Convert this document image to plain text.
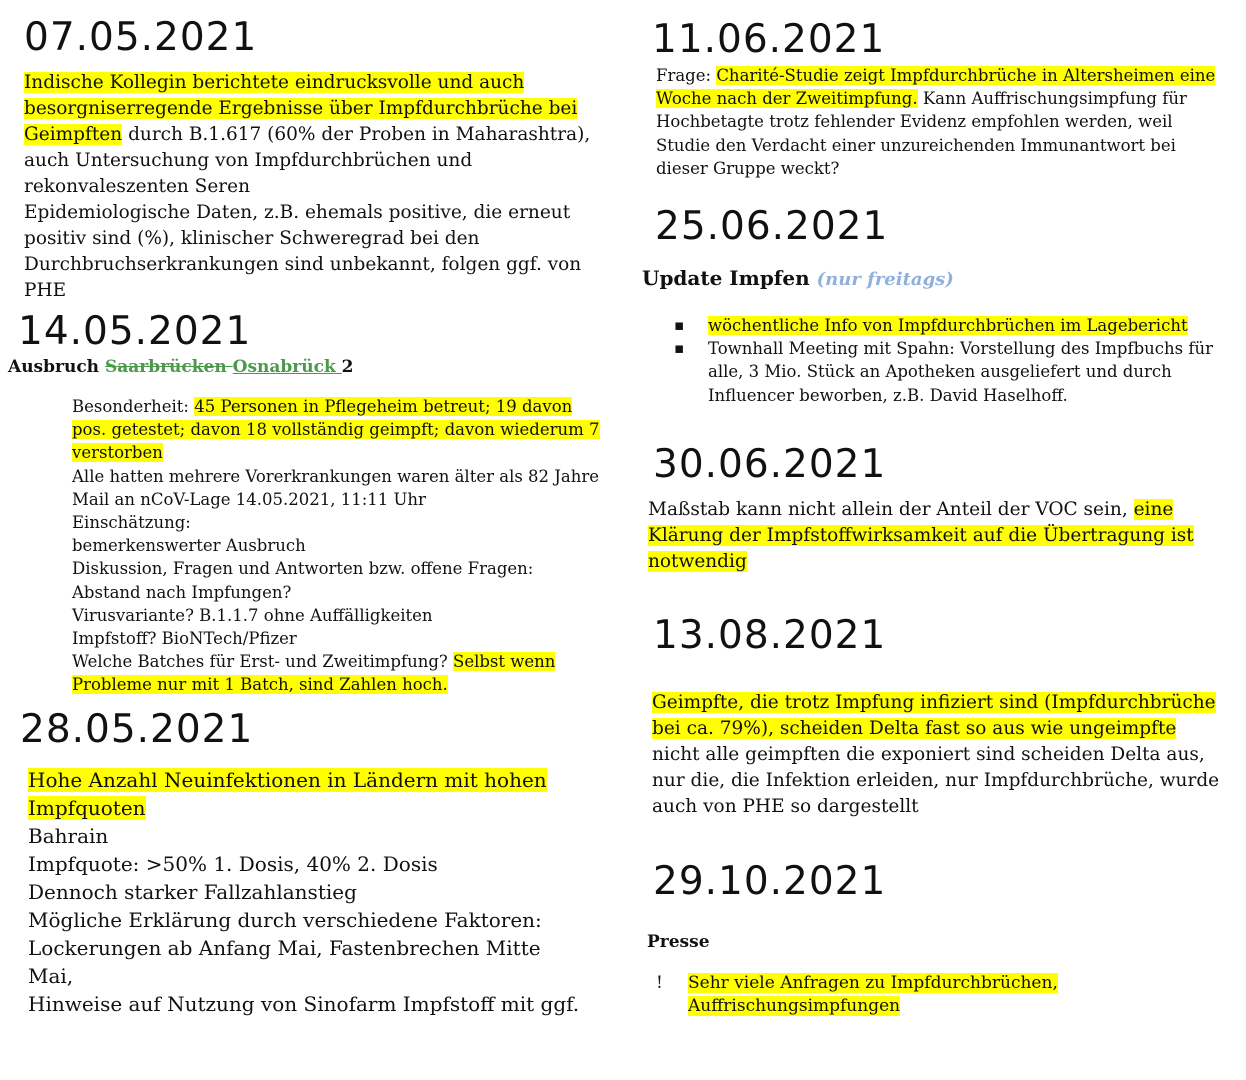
07.05.2021
Indische Kollegin berichtete eindrucksvolle und auch besorgniserregende Ergebnisse über Impfdurchbrüche bei Geimpften durch B.1.617 (60% der Proben in Maharashtra), auch Untersuchung von Impfdurchbrüchen und rekonvaleszenten Seren
Epidemiologische Daten, z.B. ehemals positive, die erneut positiv sind (%), klinischer Schweregrad bei den Durchbruchserkrankungen sind unbekannt, folgen ggf. von PHE
14.05.2021
Ausbruch Saarbrücken Osnabrück 2
Besonderheit: 45 Personen in Pflegeheim betreut; 19 davon pos. getestet; davon 18 vollständig geimpft; davon wiederum 7 verstorben
Alle hatten mehrere Vorerkrankungen waren älter als 82 Jahre
Mail an nCoV-Lage 14.05.2021, 11:11 Uhr
Einschätzung:
bemerkenswerter Ausbruch
Diskussion, Fragen und Antworten bzw. offene Fragen:
Abstand nach Impfungen?
Virusvariante? B.1.1.7 ohne Auffälligkeiten
Impfstoff? BioNTech/Pfizer
Welche Batches für Erst- und Zweitimpfung? Selbst wenn Probleme nur mit 1 Batch, sind Zahlen hoch.
28.05.2021
Hohe Anzahl Neuinfektionen in Ländern mit hohen Impfquoten
Bahrain
Impfquote: >50% 1. Dosis, 40% 2. Dosis
Dennoch starker Fallzahlanstieg
Mögliche Erklärung durch verschiedene Faktoren:
Lockerungen ab Anfang Mai, Fastenbrechen Mitte Mai,
Hinweise auf Nutzung von Sinofarm Impfstoff mit ggf.
11.06.2021
Frage: Charité-Studie zeigt Impfdurchbrüche in Altersheimen eine Woche nach der Zweitimpfung. Kann Auffrischungsimpfung für Hochbetagte trotz fehlender Evidenz empfohlen werden, weil Studie den Verdacht einer unzureichenden Immunantwort bei dieser Gruppe weckt?
25.06.2021
Update Impfen (nur freitags)
▪ wöchentliche Info von Impfdurchbrüchen im Lagebericht
▪ Townhall Meeting mit Spahn: Vorstellung des Impfbuchs für alle, 3 Mio. Stück an Apotheken ausgeliefert und durch Influencer beworben, z.B. David Haselhoff.
30.06.2021
Maßstab kann nicht allein der Anteil der VOC sein, eine Klärung der Impfstoffwirksamkeit auf die Übertragung ist notwendig
13.08.2021
Geimpfte, die trotz Impfung infiziert sind (Impfdurchbrüche bei ca. 79%), scheiden Delta fast so aus wie ungeimpfte nicht alle geimpften die exponiert sind scheiden Delta aus, nur die, die Infektion erleiden, nur Impfdurchbrüche, wurde auch von PHE so dargestellt
29.10.2021
Presse
! Sehr viele Anfragen zu Impfdurchbrüchen, Auffrischungsimpfungen
